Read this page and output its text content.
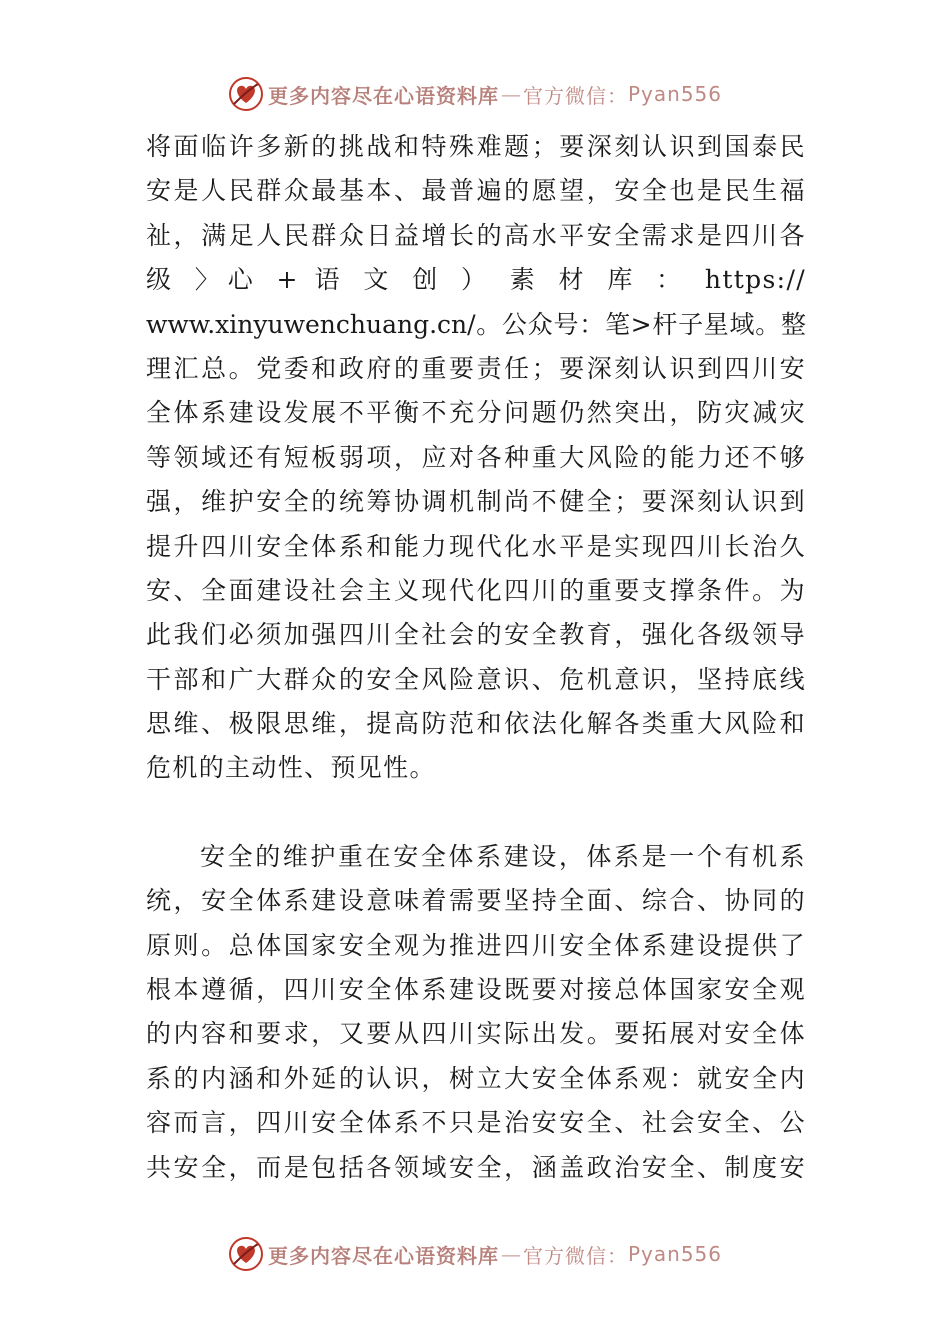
更多内容尽在心语资料库 — 官方微信： Pyan556
将面临许多新的挑战和特殊难题；要深刻认识到国泰民
安是人民群众最基本、最普遍的愿望，安全也是民生福
祉，满足人民群众日益增长的高水平安全需求是四川各
级 〉心 + 语 文 创 ） 素 材 库 ： https://
www.xinyuwenchuang.cn/。公众号：笔>杆子星域。整
理汇总。党委和政府的重要责任；要深刻认识到四川安
全体系建设发展不平衡不充分问题仍然突出，防灾减灾
等领域还有短板弱项，应对各种重大风险的能力还不够
强，维护安全的统筹协调机制尚不健全；要深刻认识到
提升四川安全体系和能力现代化水平是实现四川长治久
安、全面建设社会主义现代化四川的重要支撑条件。为
此我们必须加强四川全社会的安全教育，强化各级领导
干部和广大群众的安全风险意识、危机意识，坚持底线
思维、极限思维，提高防范和依法化解各类重大风险和
危机的主动性、预见性。
安全的维护重在安全体系建设，体系是一个有机系
统，安全体系建设意味着需要坚持全面、综合、协同的
原则。总体国家安全观为推进四川安全体系建设提供了
根本遵循，四川安全体系建设既要对接总体国家安全观
的内容和要求，又要从四川实际出发。要拓展对安全体
系的内涵和外延的认识，树立大安全体系观：就安全内
容而言，四川安全体系不只是治安安全、社会安全、公
共安全，而是包括各领域安全，涵盖政治安全、制度安
更多内容尽在心语资料库 — 官方微信： Pyan556
